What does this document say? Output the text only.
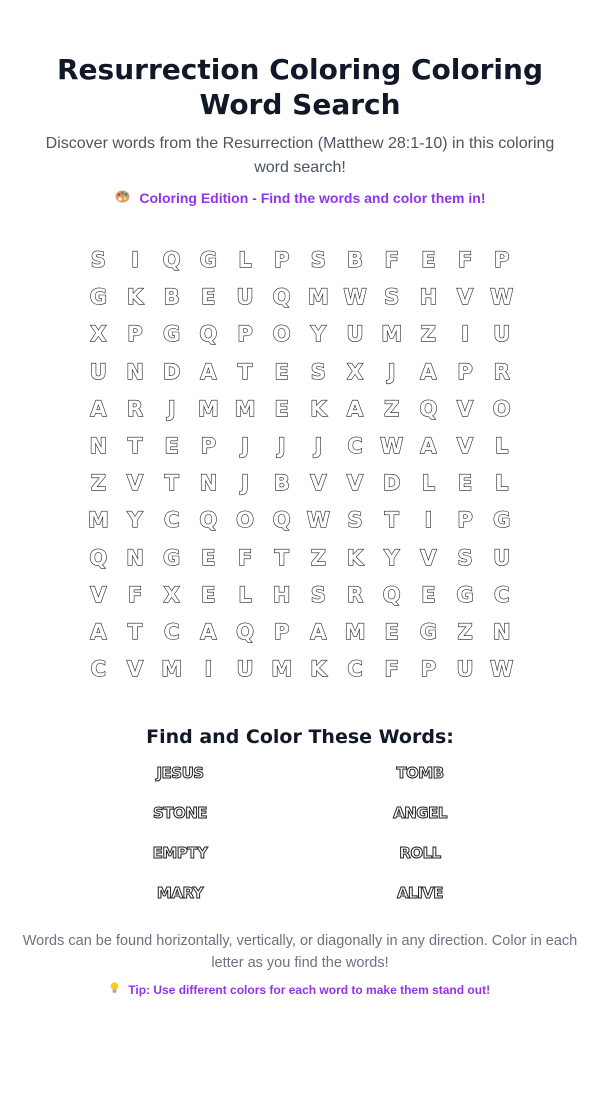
Resurrection Coloring Coloring Word Search
Discover words from the Resurrection (Matthew 28:1-10) in this coloring word search!
Coloring Edition - Find the words and color them in!
S	I	Q G	L	P	S	B	F	E	F	P
G K B	E U Q M W S H V W
X P G Q P O Y U M Z	I	U
U N D A	T	E	S	X	J	A P R
A R	J	M M E	K A Z Q V O
N T	E	P	J	J	J	C W A V	L
Z V	T N	J	B V V D	L	E	L
M Y	C Q O Q W S	T	I	P G
Q N G E	F	T	Z K Y V S U
V	F	X	E	L	H S	R Q E G C
A	T	C A Q P A M E G Z N
C V M	I	U M K C	F	P U W
Find and Color These Words:
JESUS	TOMB
STONE	ANGEL
EMPTY	ROLL
MARY	ALIVE
Words can be found horizontally, vertically, or diagonally in any direction. Color in each letter as you find the words!
Tip: Use different colors for each word to make them stand out!
